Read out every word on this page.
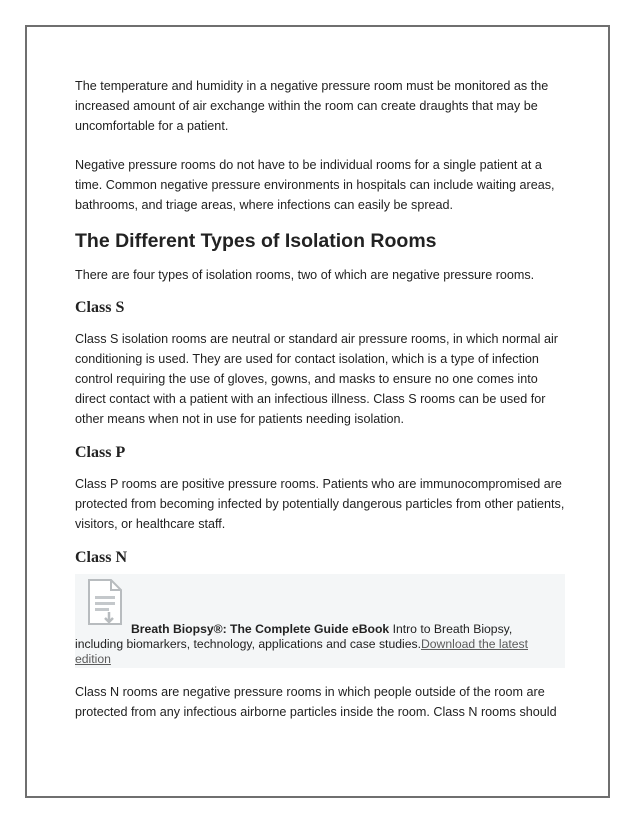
The temperature and humidity in a negative pressure room must be monitored as the increased amount of air exchange within the room can create draughts that may be uncomfortable for a patient.

Negative pressure rooms do not have to be individual rooms for a single patient at a time. Common negative pressure environments in hospitals can include waiting areas, bathrooms, and triage areas, where infections can easily be spread.

The Different Types of Isolation Rooms

There are four types of isolation rooms, two of which are negative pressure rooms.

Class S

Class S isolation rooms are neutral or standard air pressure rooms, in which normal air conditioning is used. They are used for contact isolation, which is a type of infection control requiring the use of gloves, gowns, and masks to ensure no one comes into direct contact with a patient with an infectious illness. Class S rooms can be used for other means when not in use for patients needing isolation.

Class P

Class P rooms are positive pressure rooms. Patients who are immunocompromised are protected from becoming infected by potentially dangerous particles from other patients, visitors, or healthcare staff.

Class N
Breath Biopsy®: The Complete Guide eBook Intro to Breath Biopsy, including biomarkers, technology, applications and case studies.Download the latest edition

Class N rooms are negative pressure rooms in which people outside of the room are protected from any infectious airborne particles inside the room. Class N rooms should
